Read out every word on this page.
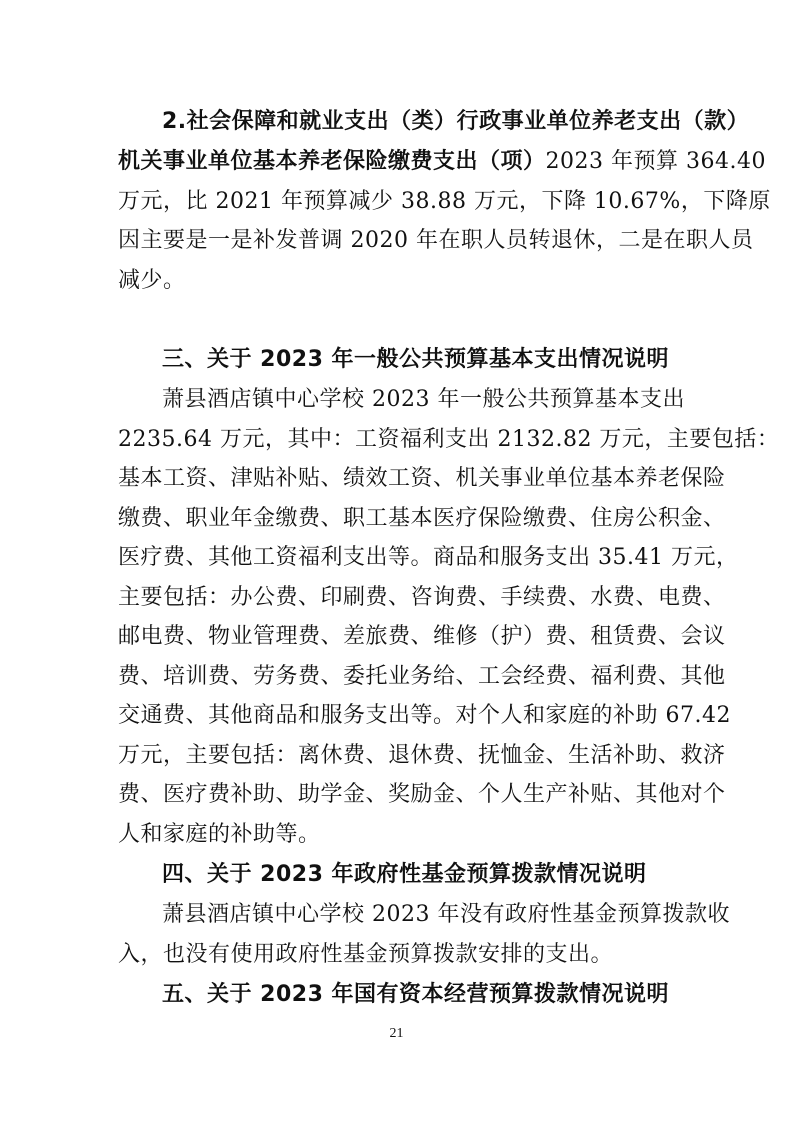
2.社会保障和就业支出（类）行政事业单位养老支出（款）
机关事业单位基本养老保险缴费支出（项）2023 年预算 364.40
万元，比 2021 年预算减少 38.88 万元，下降 10.67%，下降原
因主要是一是补发普调 2020 年在职人员转退休，二是在职人员
减少。
三、关于 2023 年一般公共预算基本支出情况说明
萧县酒店镇中心学校 2023 年一般公共预算基本支出
2235.64 万元，其中：工资福利支出 2132.82 万元，主要包括：
基本工资、津贴补贴、绩效工资、机关事业单位基本养老保险
缴费、职业年金缴费、职工基本医疗保险缴费、住房公积金、
医疗费、其他工资福利支出等。商品和服务支出 35.41 万元，
主要包括：办公费、印刷费、咨询费、手续费、水费、电费、
邮电费、物业管理费、差旅费、维修（护）费、租赁费、会议
费、培训费、劳务费、委托业务给、工会经费、福利费、其他
交通费、其他商品和服务支出等。对个人和家庭的补助 67.42
万元，主要包括：离休费、退休费、抚恤金、生活补助、救济
费、医疗费补助、助学金、奖励金、个人生产补贴、其他对个
人和家庭的补助等。
四、关于 2023 年政府性基金预算拨款情况说明
萧县酒店镇中心学校 2023 年没有政府性基金预算拨款收
入，也没有使用政府性基金预算拨款安排的支出。
五、关于 2023 年国有资本经营预算拨款情况说明
21
